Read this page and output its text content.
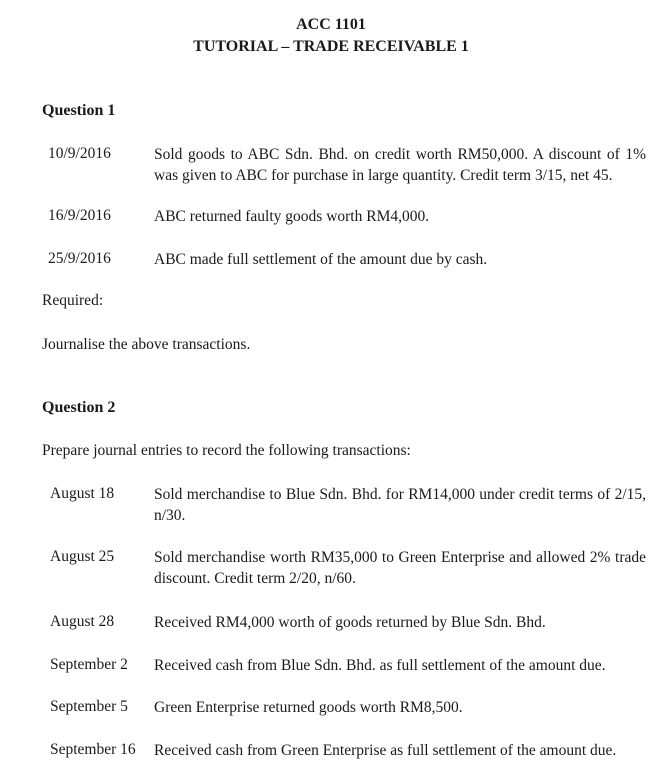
ACC 1101
TUTORIAL – TRADE RECEIVABLE 1
Question 1
10/9/2016	Sold goods to ABC Sdn. Bhd. on credit worth RM50,000. A discount of 1% was given to ABC for purchase in large quantity. Credit term 3/15, net 45.
16/9/2016	ABC returned faulty goods worth RM4,000.
25/9/2016	ABC made full settlement of the amount due by cash.
Required:
Journalise the above transactions.
Question 2
Prepare journal entries to record the following transactions:
August 18	Sold merchandise to Blue Sdn. Bhd. for RM14,000 under credit terms of 2/15, n/30.
August 25	Sold merchandise worth RM35,000 to Green Enterprise and allowed 2% trade discount. Credit term 2/20, n/60.
August 28	Received RM4,000 worth of goods returned by Blue Sdn. Bhd.
September 2 Received cash from Blue Sdn. Bhd. as full settlement of the amount due.
September 5 Green Enterprise returned goods worth RM8,500.
September 16 Received cash from Green Enterprise as full settlement of the amount due.
